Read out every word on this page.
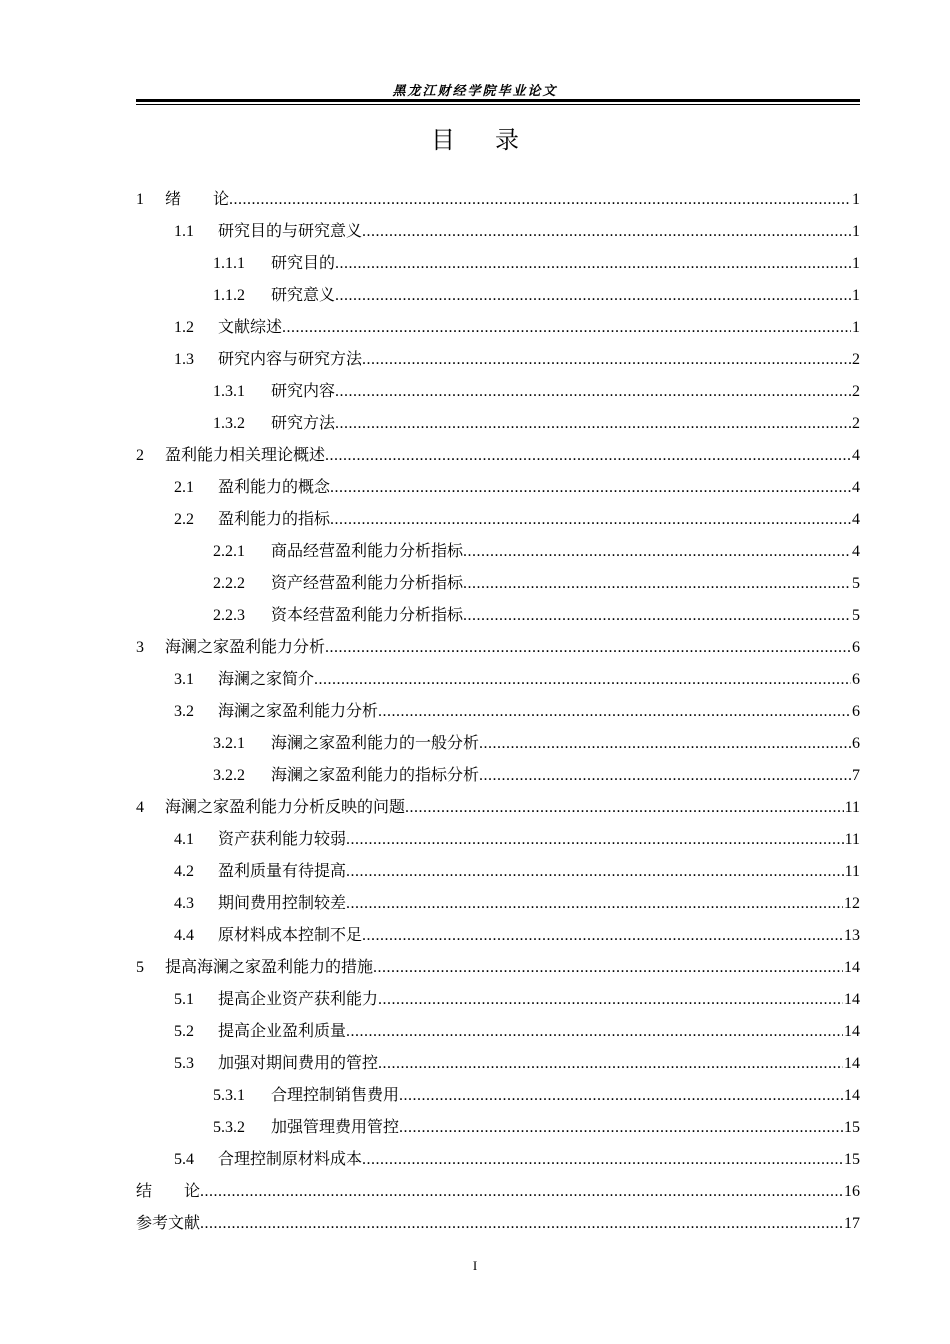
黑龙江财经学院毕业论文
目录
1	绪　　论 .....	1
1.1	研究目的与研究意义 .....	1
1.1.1	研究目的 .....	1
1.1.2	研究意义 .....	1
1.2	文献综述 .....	1
1.3	研究内容与研究方法 .....	2
1.3.1	研究内容 .....	2
1.3.2	研究方法 .....	2
2	盈利能力相关理论概述 .....	4
2.1	盈利能力的概念 .....	4
2.2	盈利能力的指标 .....	4
2.2.1	商品经营盈利能力分析指标 .....	4
2.2.2	资产经营盈利能力分析指标 .....	5
2.2.3	资本经营盈利能力分析指标 .....	5
3	海澜之家盈利能力分析 .....	6
3.1	海澜之家简介 .....	6
3.2	海澜之家盈利能力分析 .....	6
3.2.1	海澜之家盈利能力的一般分析 .....	6
3.2.2	海澜之家盈利能力的指标分析 .....	7
4	海澜之家盈利能力分析反映的问题 .....	11
4.1	资产获利能力较弱 .....	11
4.2	盈利质量有待提高 .....	11
4.3	期间费用控制较差 .....	12
4.4	原材料成本控制不足 .....	13
5	提高海澜之家盈利能力的措施 .....	14
5.1	提高企业资产获利能力 .....	14
5.2	提高企业盈利质量 .....	14
5.3	加强对期间费用的管控 .....	14
5.3.1	合理控制销售费用 .....	14
5.3.2	加强管理费用管控 .....	15
5.4	合理控制原材料成本 .....	15
结　　论 .....	16
参考文献 .....	17
I
